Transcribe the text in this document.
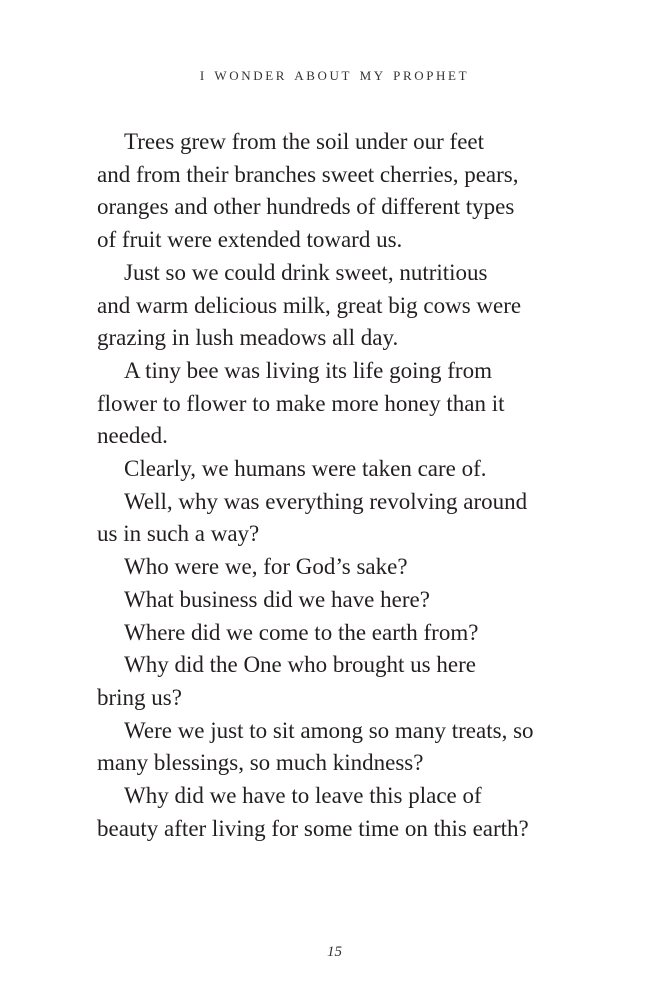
I WONDER ABOUT MY PROPHET
Trees grew from the soil under our feet
and from their branches sweet cherries, pears,
oranges and other hundreds of different types
of fruit were extended toward us.
Just so we could drink sweet, nutritious
and warm delicious milk, great big cows were
grazing in lush meadows all day.
A tiny bee was living its life going from
flower to flower to make more honey than it
needed.
Clearly, we humans were taken care of.
Well, why was everything revolving around
us in such a way?
Who were we, for God’s sake?
What business did we have here?
Where did we come to the earth from?
Why did the One who brought us here
bring us?
Were we just to sit among so many treats, so
many blessings, so much kindness?
Why did we have to leave this place of
beauty after living for some time on this earth?
15
